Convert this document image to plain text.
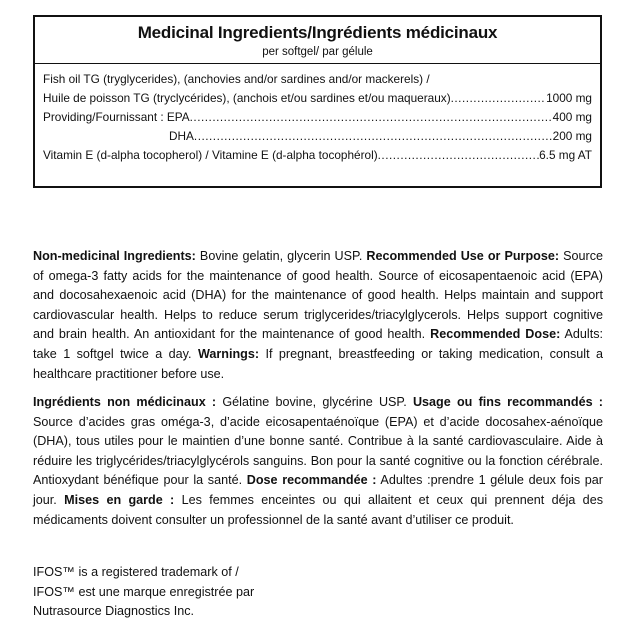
Medicinal Ingredients/Ingrédients médicinaux
per softgel/ par gélule
Fish oil TG (tryglycerides), (anchovies and/or sardines and/or mackerels) /
Huile de poisson TG (tryclycérides), (anchois et/ou sardines et/ou maqueraux) .....	1000 mg
Providing/Fournissant : EPA .....	400 mg
DHA .....	200 mg
Vitamin E (d-alpha tocopherol) / Vitamine E (d-alpha tocophérol) .....	6.5 mg AT
Non-medicinal Ingredients: Bovine gelatin, glycerin USP. Recommended Use or Purpose: Source of omega-3 fatty acids for the maintenance of good health. Source of eicosapentaenoic acid (EPA) and docosahexaenoic acid (DHA) for the maintenance of good health. Helps maintain and support cardiovascular health. Helps to reduce serum triglycerides/triacylglycerols. Helps support cognitive and brain health. An antioxidant for the maintenance of good health. Recommended Dose: Adults: take 1 softgel twice a day. Warnings: If pregnant, breastfeeding or taking medication, consult a healthcare practitioner before use.
Ingrédients non médicinaux : Gélatine bovine, glycérine USP. Usage ou fins recommandés : Source d’acides gras oméga-3, d’acide eicosapentaénoïque (EPA) et d’acide docosahex-aénoïque (DHA), tous utiles pour le maintien d’une bonne santé. Contribue à la santé cardiovasculaire. Aide à réduire les triglycérides/triacylglycérols sanguins. Bon pour la santé cognitive ou la fonction cérébrale. Antioxydant bénéfique pour la santé. Dose recommandée : Adultes :prendre 1 gélule deux fois par jour. Mises en garde : Les femmes enceintes ou qui allaitent et ceux qui prennent déja des médicaments doivent consulter un professionnel de la santé avant d’utiliser ce produit.
IFOS™ is a registered trademark of /
IFOS™ est une marque enregistrée par
Nutrasource Diagnostics Inc.
